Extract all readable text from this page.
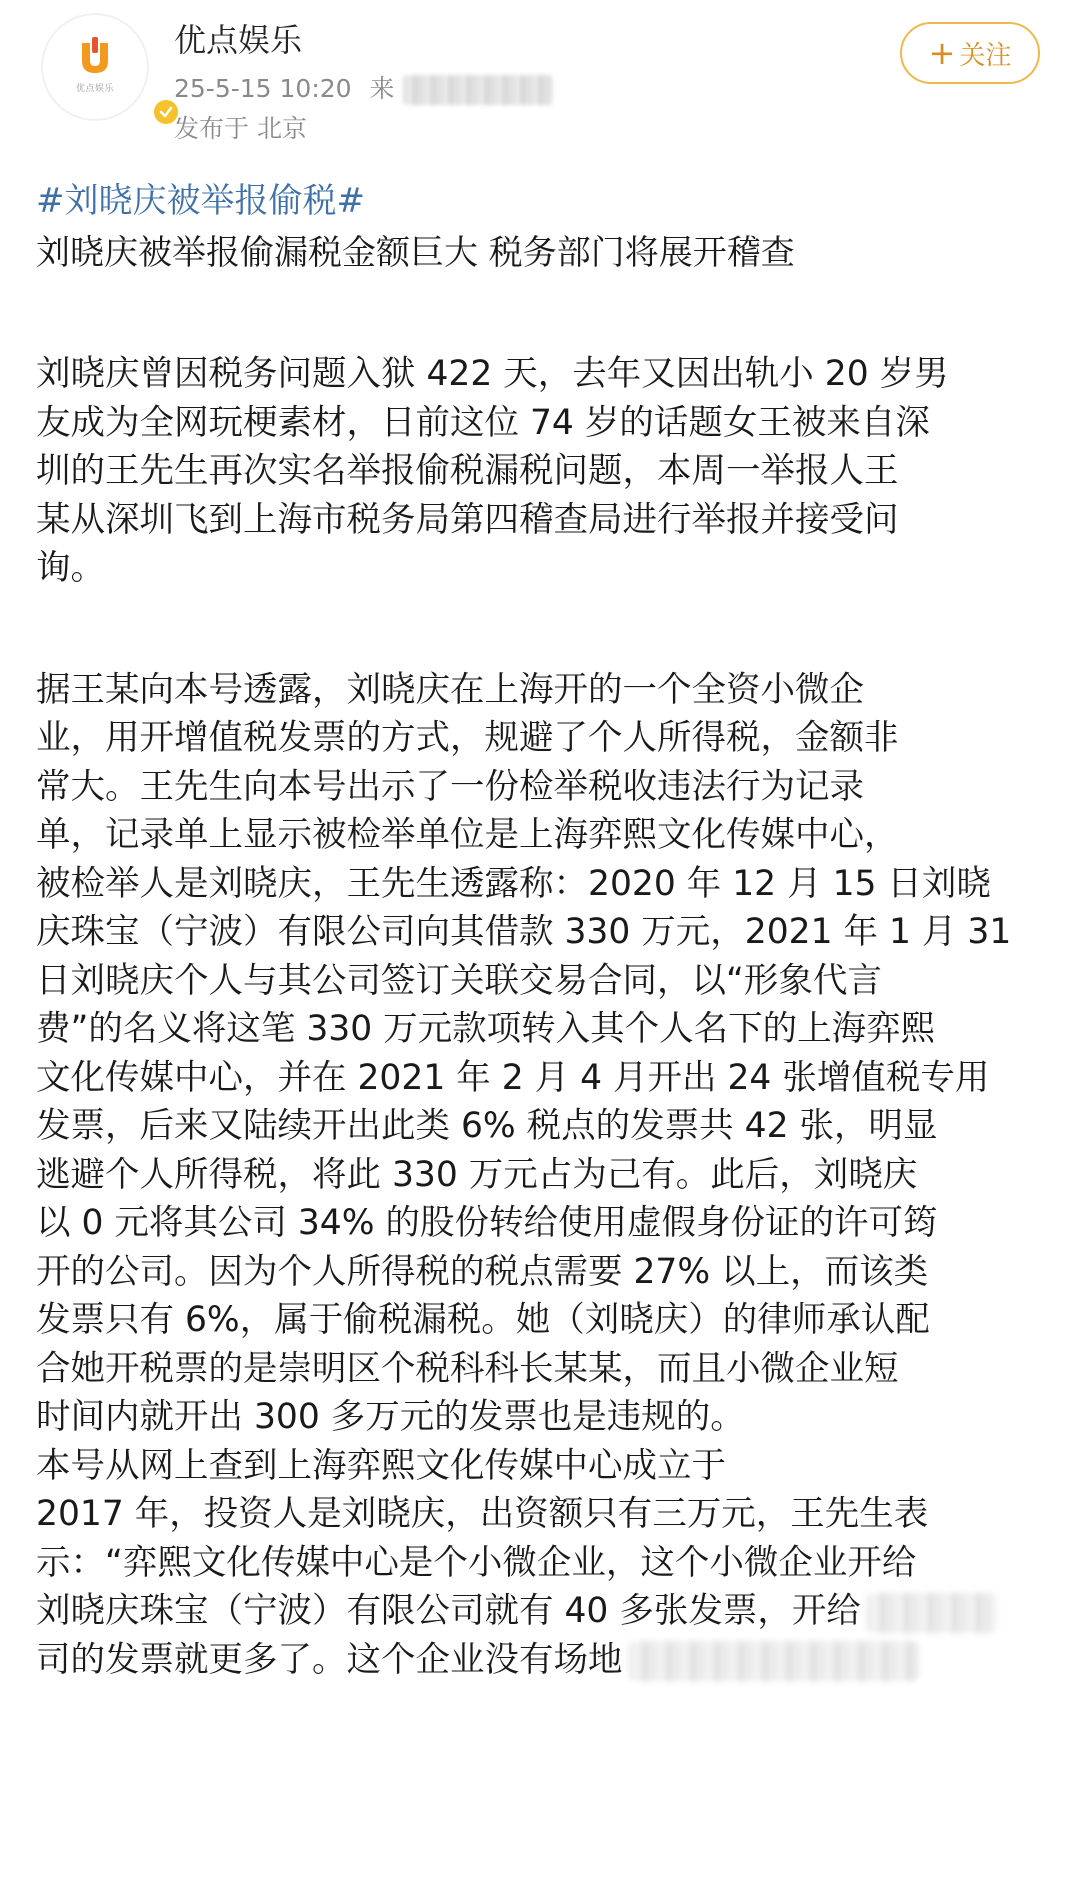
优点娱乐
优点娱乐
25-5-15 10:20 来
发布于 北京
+ 关注

#刘晓庆被举报偷税#

刘晓庆被举报偷漏税金额巨大 税务部门将展开稽查

刘晓庆曾因税务问题入狱 422 天，去年又因出轨小 20 岁男
友成为全网玩梗素材，日前这位 74 岁的话题女王被来自深
圳的王先生再次实名举报偷税漏税问题，本周一举报人王
某从深圳飞到上海市税务局第四稽查局进行举报并接受问
询。
据王某向本号透露，刘晓庆在上海开的一个全资小微企
业，用开增值税发票的方式，规避了个人所得税，金额非
常大。王先生向本号出示了一份检举税收违法行为记录
单，记录单上显示被检举单位是上海弈熙文化传媒中心，
被检举人是刘晓庆，王先生透露称：2020 年 12 月 15 日刘晓
庆珠宝（宁波）有限公司向其借款 330 万元，2021 年 1 月 31
日刘晓庆个人与其公司签订关联交易合同，以“形象代言
费”的名义将这笔 330 万元款项转入其个人名下的上海弈熙
文化传媒中心，并在 2021 年 2 月 4 月开出 24 张增值税专用
发票，后来又陆续开出此类 6% 税点的发票共 42 张，明显
逃避个人所得税，将此 330 万元占为己有。此后，刘晓庆
以 0 元将其公司 34% 的股份转给使用虚假身份证的许可筠
开的公司。因为个人所得税的税点需要 27% 以上，而该类
发票只有 6%，属于偷税漏税。她（刘晓庆）的律师承认配
合她开税票的是崇明区个税科科长某某，而且小微企业短
时间内就开出 300 多万元的发票也是违规的。
本号从网上查到上海弈熙文化传媒中心成立于
2017 年，投资人是刘晓庆，出资额只有三万元，王先生表
示：“弈熙文化传媒中心是个小微企业，这个小微企业开给
刘晓庆珠宝（宁波）有限公司就有 40 多张发票，开给
司的发票就更多了。这个企业没有场地
